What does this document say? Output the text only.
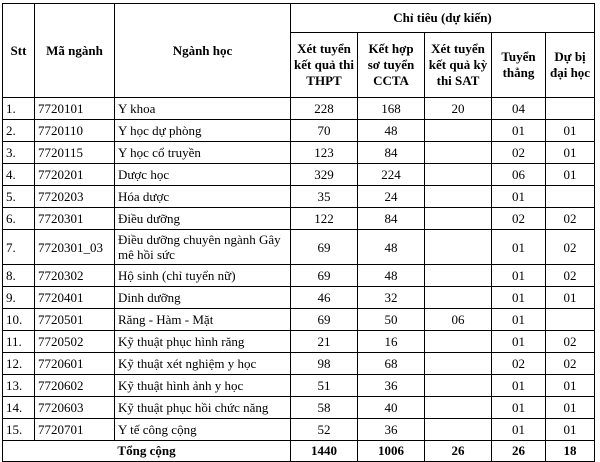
Stt	Mã ngành	Ngành học	Chỉ tiêu (dự kiến)				
			Xét tuyển kết quả thi THPT	Kết hợp sơ tuyển CCTA	Xét tuyển kết quả kỳ thi SAT	Tuyển thẳng	Dự bị đại học
1.	7720101	Y khoa	228	168	20	04	
2.	7720110	Y học dự phòng	70	48		01	01
3.	7720115	Y học cổ truyền	123	84		02	01
4.	7720201	Dược học	329	224		06	01
5.	7720203	Hóa dược	35	24		01	
6.	7720301	Điều dưỡng	122	84		02	02
7.	7720301_03	Điều dưỡng chuyên ngành Gây mê hồi sức	69	48		01	02
8.	7720302	Hộ sinh (chỉ tuyển nữ)	69	48		01	02
9.	7720401	Dinh dưỡng	46	32		01	01
10.	7720501	Răng - Hàm - Mặt	69	50	06	01	
11.	7720502	Kỹ thuật phục hình răng	21	16		01	02
12.	7720601	Kỹ thuật xét nghiệm y học	98	68		02	02
13.	7720602	Kỹ thuật hình ảnh y học	51	36		01	01
14.	7720603	Kỹ thuật phục hồi chức năng	58	40		01	01
15.	7720701	Y tế công cộng	52	36		01	01
Tổng cộng			1440	1006	26	26	18
